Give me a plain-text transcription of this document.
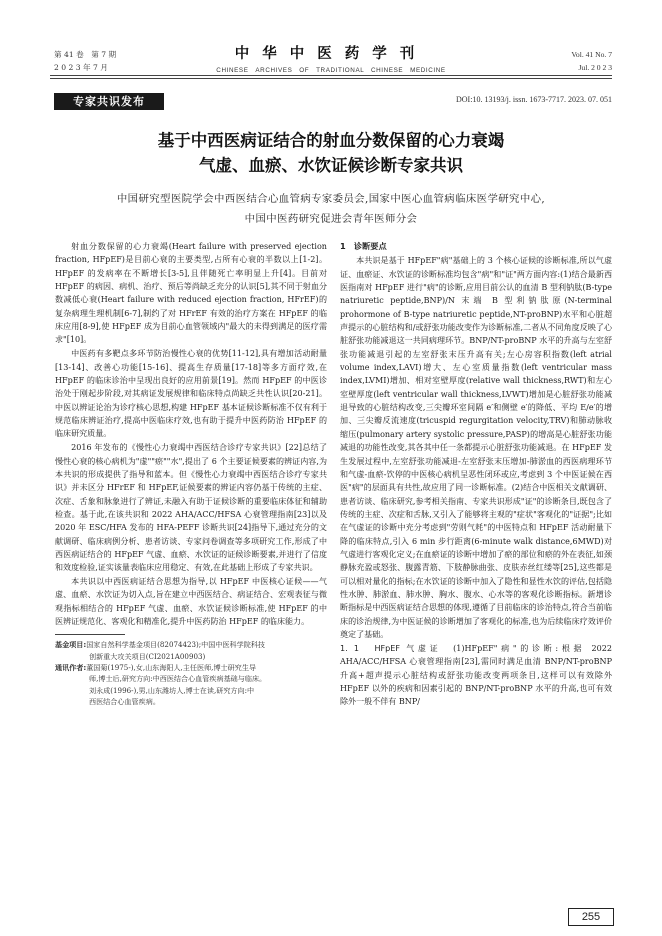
第 41 卷　第 7 期
2 0 2 3 年 7 月
中华中医药学刊
CHINESE　ARCHIVES　OF　TRADITIONAL　CHINESE　MEDICINE
Vol. 41 No. 7
Jul. 2 0 2 3
专家共识发布	DOI:10. 13193/j. issn. 1673-7717. 2023. 07. 051
基于中西医病证结合的射血分数保留的心力衰竭
气虚、血瘀、水饮证候诊断专家共识
中国研究型医院学会中西医结合心血管病专家委员会,国家中医心血管病临床医学研究中心,
中国中医药研究促进会青年医师分会

射血分数保留的心力衰竭(Heart failure with preserved ejection fraction, HFpEF)是目前心衰的主要类型,占所有心衰的半数以上[1-2]。HFpEF 的发病率在不断增长[3-5],且伴随死亡率明显上升[4]。目前对 HFpEF 的病因、病机、治疗、预后等尚缺乏充分的认识[5],其不同于射血分数减低心衰(Heart failure with reduced ejection fraction, HFrEF)的复杂病理生理机制[6-7],制约了对 HFrEF 有效的治疗方案在 HFpEF 的临床应用[8-9],使 HFpEF 成为目前心血管领域内"最大的未得到满足的医疗需求"[10]。

中医药有多靶点多环节防治慢性心衰的优势[11-12],具有增加活动耐量[13-14]、改善心功能[15-16]、提高生存质量[17-18]等多方面疗效,在 HFpEF 的临床诊治中呈现出良好的应用前景[19]。然而 HFpEF 的中医诊治处于刚起步阶段,对其病证发展规律和临床特点尚缺乏共性认识[20-21]。中医以辨证论治为诊疗核心思想,构建 HFpEF 基本证候诊断标准不仅有利于规范临床辨证治疗,提高中医临床疗效,也有助于提升中医药防治 HFpEF 的临床研究质量。

2016 年发布的《慢性心力衰竭中西医结合诊疗专家共识》[22]总结了慢性心衰的核心病机为"虚""瘀""水",提出了 6 个主要证候要素的辨证内容,为本共识的形成提供了指导和蓝本。但《慢性心力衰竭中西医结合诊疗专家共识》并未区分 HFrEF 和 HFpEF,证候要素的辨证内容仍基于传统的主症、次症、舌象和脉象进行了辨证,未融入有助于证候诊断的重要临床体征和辅助检查。基于此,在该共识和 2022 AHA/ACC/HFSA 心衰管理指南[23]以及 2020 年 ESC/HFA 发布的 HFA-PEFF 诊断共识[24]指导下,通过充分的文献调研、临床病例分析、患者访谈、专家问卷调查等多项研究工作,形成了中西医病证结合的 HFpEF 气虚、血瘀、水饮证的证候诊断要素,并进行了信度和效度检验,证实该量表临床应用稳定、有效,在此基础上形成了专家共识。

本共识以中西医病证结合思想为指导,以 HFpEF 中医核心证候——气虚、血瘀、水饮证为切入点,旨在建立中西医结合、病证结合、宏观表征与微观指标相结合的 HFpEF 气虚、血瘀、水饮证候诊断标准,使 HFpEF 的中医辨证规范化、客观化和精准化,提升中医药防治 HFpEF 的临床能力。

基金项目:国家自然科学基金项目(82074423);中国中医科学院科技
创新重大攻关项目(CI2021A00903)
通讯作者:董国菊(1975-),女,山东海阳人,主任医师,博士研究生导
师,博士后,研究方向:中西医结合心血管疾病基础与临床。
刘永成(1996-),男,山东潍坊人,博士在读,研究方向:中
西医结合心血管疾病。
1　诊断要点

本共识是基于 HFpEF"病"基础上的 3 个核心证候的诊断标准,所以气虚证、血瘀证、水饮证的诊断标准均包含"病"和"证"两方面内容:(1)结合最新西医指南对 HFpEF 进行"病"的诊断,应用目前公认的血清 B 型利钠肽(B-type natriuretic peptide,BNP)/N 末端 B 型利钠肽原(N-terminal prohormone of B-type natriuretic peptide,NT-proBNP)水平和心脏超声提示的心脏结构和/或舒张功能改变作为诊断标准,二者从不同角度反映了心脏舒张功能减退这一共同病理环节。BNP/NT-proBNP 水平的升高与左室舒张功能减退引起的左室舒张末压升高有关;左心房容积指数(left atrial volume index,LAVI)增大、左心室质量指数(left ventricular mass index,LVMI)增加、相对室壁厚度(relative wall thickness,RWT)和左心室壁厚度(left ventricular wall thickness,LVWT)增加是心脏舒张功能减退导致的心脏结构改变,三尖瓣环室间隔 e′和侧壁 e′的降低、平均 E/e′的增加、三尖瓣反流速度(tricuspid regurgitation velocity,TRV)和肺动脉收缩压(pulmonary artery systolic pressure,PASP)的增高是心脏舒张功能减退的功能性改变,其各其中任一条都提示心脏舒张功能减退。在 HFpEF 发生发展过程中,左室舒张功能减退-左室舒张末压增加-肺淤血的西医病理环节和气虚-血瘀-饮停的中医核心病机呈恶性闭环或应,考虑到 3 个中医证候在西医"病"的层面具有共性,故应用了同一诊断标准。(2)结合中医相关文献调研、患者访谈、临床研究,参考相关指南、专家共识形成"证"的诊断条目,既包含了传统的主症、次症和舌脉,又引入了能够将主观的"症状"客观化的"证据";比如在气虚证的诊断中充分考虑到"劳则气耗"的中医特点和 HFpEF 活动耐量下降的临床特点,引入 6 min 步行距离(6-minute walk distance,6MWD)对气虚进行客观化定义;在血瘀证的诊断中增加了瘀的部位和瘀的外在表征,如颈静脉充盈或怒张、腹露青筋、下肢静脉曲张、皮肤赤丝红缕等[25],这些都是可以相对量化的指标;在水饮证的诊断中加入了隐性和显性水饮的评估,包括隐性水肿、肺淤血、肺水肿、胸水、腹水、心水等的客观化诊断指标。新增诊断指标是中西医病证结合思想的体现,遵循了目前临床的诊治特点,符合当前临床的诊治规律,为中医证候的诊断增加了客观化的标准,也为后续临床疗效评价奠定了基础。

1. 1　HFpEF 气虚证　 (1)HFpEF"病"的诊断:根据 2022 AHA/ACC/HFSA 心衰管理指南[23],需同时满足血清 BNP/NT-proBNP 升高+超声提示心脏结构或舒张功能改变两项条目,这样可以有效除外 HFpEF 以外的疾病和因素引起的 BNP/NT-proBNP 水平的升高,也可有效除外一般不伴有 BNP/

255
